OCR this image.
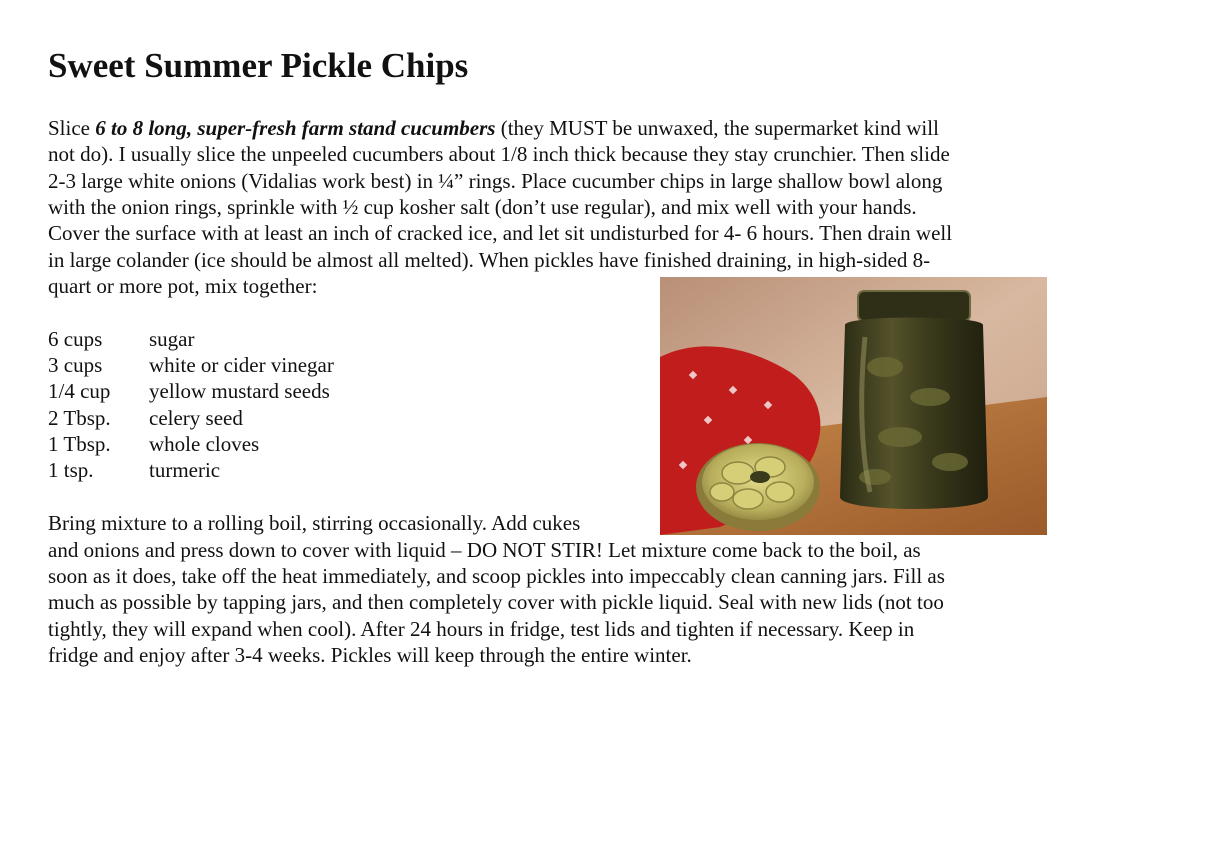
Sweet Summer Pickle Chips

Slice 6 to 8 long, super-fresh farm stand cucumbers (they MUST be unwaxed, the supermarket kind will

not do). I usually slice the unpeeled cucumbers about 1/8 inch thick because they stay crunchier. Then slide

2-3 large white onions (Vidalias work best) in ¼” rings. Place cucumber chips in large shallow bowl along

with the onion rings, sprinkle with ½ cup kosher salt (don’t use regular), and mix well with your hands.

Cover the surface with at least an inch of cracked ice, and let sit undisturbed for 4- 6 hours. Then drain well

in large colander (ice should be almost all melted). When pickles have finished draining, in high-sided 8-

quart or more pot, mix together:

6 cups sugar
3 cups white or cider vinegar
1/4 cup yellow mustard seeds
2 Tbsp. celery seed
1 Tbsp. whole cloves
1 tsp.	turmeric

Bring mixture to a rolling boil, stirring occasionally. Add cukes

and onions and press down to cover with liquid – DO NOT STIR! Let mixture come back to the boil, as

soon as it does, take off the heat immediately, and scoop pickles into impeccably clean canning jars. Fill as

much as possible by tapping jars, and then completely cover with pickle liquid. Seal with new lids (not too

tightly, they will expand when cool). After 24 hours in fridge, test lids and tighten if necessary. Keep in

fridge and enjoy after 3-4 weeks. Pickles will keep through the entire winter.
